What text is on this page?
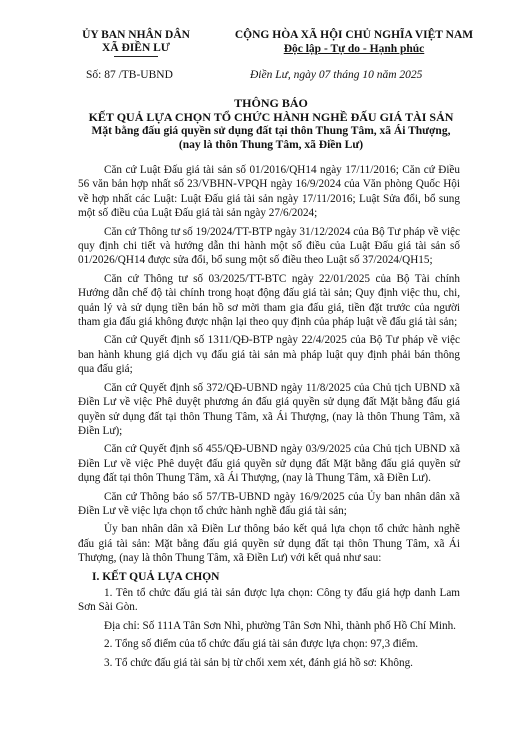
ỦY BAN NHÂN DÂN
XÃ ĐIỀN LƯ
CỘNG HÒA XÃ HỘI CHỦ NGHĨA VIỆT NAM
Độc lập - Tự do - Hạnh phúc
Số: 87 /TB-UBND	Điền Lư, ngày 07 tháng 10 năm 2025
THÔNG BÁO
KẾT QUẢ LỰA CHỌN TỔ CHỨC HÀNH NGHỀ ĐẤU GIÁ TÀI SẢN
Mặt bằng đấu giá quyền sử dụng đất tại thôn Thung Tâm, xã Ái Thượng,
(nay là thôn Thung Tâm, xã Điền Lư)

Căn cứ Luật Đấu giá tài sản số 01/2016/QH14 ngày 17/11/2016; Căn cứ Điều 56 văn bản hợp nhất số 23/VBHN-VPQH ngày 16/9/2024 của Văn phòng Quốc Hội về hợp nhất các Luật: Luật Đấu giá tài sản ngày 17/11/2016; Luật Sửa đổi, bổ sung một số điều của Luật Đấu giá tài sản ngày 27/6/2024;

Căn cứ Thông tư số 19/2024/TT-BTP ngày 31/12/2024 của Bộ Tư pháp về việc quy định chi tiết và hướng dẫn thi hành một số điều của Luật Đấu giá tài sản số 01/2026/QH14 được sửa đổi, bổ sung một số điều theo Luật số 37/2024/QH15;

Căn cứ Thông tư số 03/2025/TT-BTC ngày 22/01/2025 của Bộ Tài chính Hướng dẫn chế độ tài chính trong hoạt động đấu giá tài sản; Quy định việc thu, chi, quản lý và sử dụng tiền bán hồ sơ mời tham gia đấu giá, tiền đặt trước của người tham gia đấu giá không được nhận lại theo quy định của pháp luật về đấu giá tài sản;

Căn cứ Quyết định số 1311/QĐ-BTP ngày 22/4/2025 của Bộ Tư pháp về việc ban hành khung giá dịch vụ đấu giá tài sản mà pháp luật quy định phải bán thông qua đấu giá;

Căn cứ Quyết định số 372/QĐ-UBND ngày 11/8/2025 của Chủ tịch UBND xã Điền Lư về việc Phê duyệt phương án đấu giá quyền sử dụng đất Mặt bằng đấu giá quyền sử dụng đất tại thôn Thung Tâm, xã Ái Thượng, (nay là thôn Thung Tâm, xã Điền Lư);

Căn cứ Quyết định số 455/QĐ-UBND ngày 03/9/2025 của Chủ tịch UBND xã Điền Lư về việc Phê duyệt đấu giá quyền sử dụng đất Mặt bằng đấu giá quyền sử dụng đất tại thôn Thung Tâm, xã Ái Thượng, (nay là Thung Tâm, xã Điền Lư).

Căn cứ Thông báo số 57/TB-UBND ngày 16/9/2025 của Ủy ban nhân dân xã Điền Lư về việc lựa chọn tổ chức hành nghề đấu giá tài sản;

Ủy ban nhân dân xã Điền Lư thông báo kết quả lựa chọn tổ chức hành nghề đấu giá tài sản: Mặt bằng đấu giá quyền sử dụng đất tại thôn Thung Tâm, xã Ái Thượng, (nay là thôn Thung Tâm, xã Điền Lư) với kết quả như sau:

I. KẾT QUẢ LỰA CHỌN

1. Tên tổ chức đấu giá tài sản được lựa chọn: Công ty đấu giá hợp danh Lam Sơn Sài Gòn.

Địa chỉ: Số 111A Tân Sơn Nhì, phường Tân Sơn Nhì, thành phố Hồ Chí Minh.

2. Tổng số điểm của tổ chức đấu giá tài sản được lựa chọn: 97,3 điểm.

3. Tổ chức đấu giá tài sản bị từ chối xem xét, đánh giá hồ sơ: Không.
